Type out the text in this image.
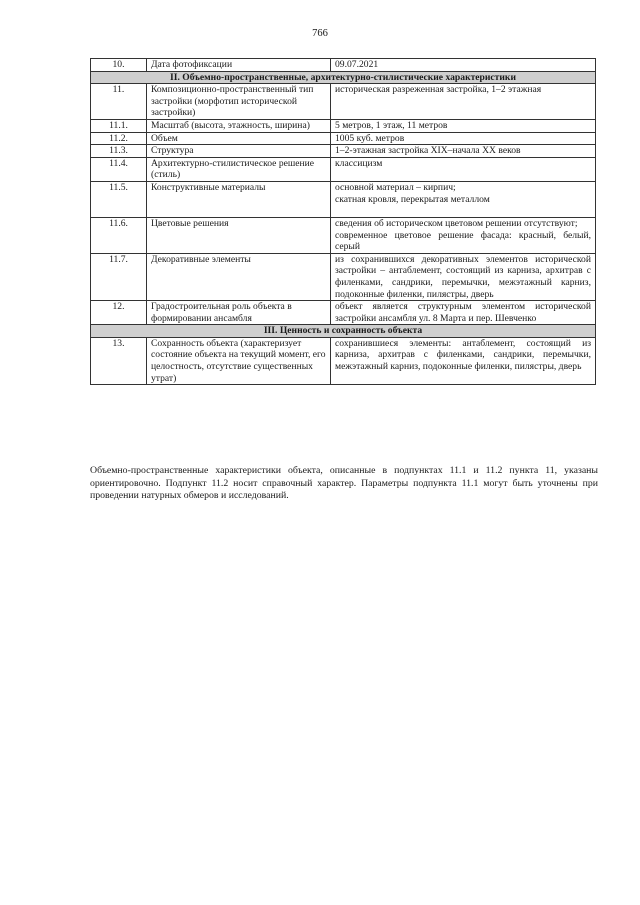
766
10.	Дата фотофиксации	09.07.2021
II. Объемно-пространственные, архитектурно-стилистические характеристики		
11.	Композиционно-пространственный тип застройки (морфотип исторической застройки)	историческая разреженная застройка, 1–2 этажная
11.1.	Масштаб (высота, этажность, ширина)	5 метров, 1 этаж, 11 метров
11.2.	Объем	1005 куб. метров
11.3.	Структура	1–2-этажная застройка XIX–начала XX веков
11.4.	Архитектурно-стилистическое решение (стиль)	классицизм
11.5.	Конструктивные материалы	основной материал – кирпич;
скатная кровля, перекрытая металлом

11.6.	Цветовые решения	сведения об историческом цветовом решении отсутствуют;
современное цветовое решение фасада: красный, белый, серый

11.7.	Декоративные элементы	из сохранившихся декоративных элементов исторической застройки – антаблемент, состоящий из карниза, архитрав с филенками, сандрики, перемычки, межэтажный карниз, подоконные филенки, пилястры, дверь
12.	Градостроительная роль объекта в формировании ансамбля	объект является структурным элементом исторической застройки ансамбля ул. 8 Марта и пер. Шевченко
III. Ценность и сохранность объекта		
13.	Сохранность объекта (характеризует состояние объекта на текущий момент, его целостность, отсутствие существенных утрат)	сохранившиеся элементы: антаблемент, состоящий из карниза, архитрав с филенками, сандрики, перемычки, межэтажный карниз, подоконные филенки, пилястры, дверь
Объемно-пространственные характеристики объекта, описанные в подпунктах 11.1 и 11.2 пункта 11, указаны ориентировочно. Подпункт 11.2 носит справочный характер. Параметры подпункта 11.1 могут быть уточнены при проведении натурных обмеров и исследований.
